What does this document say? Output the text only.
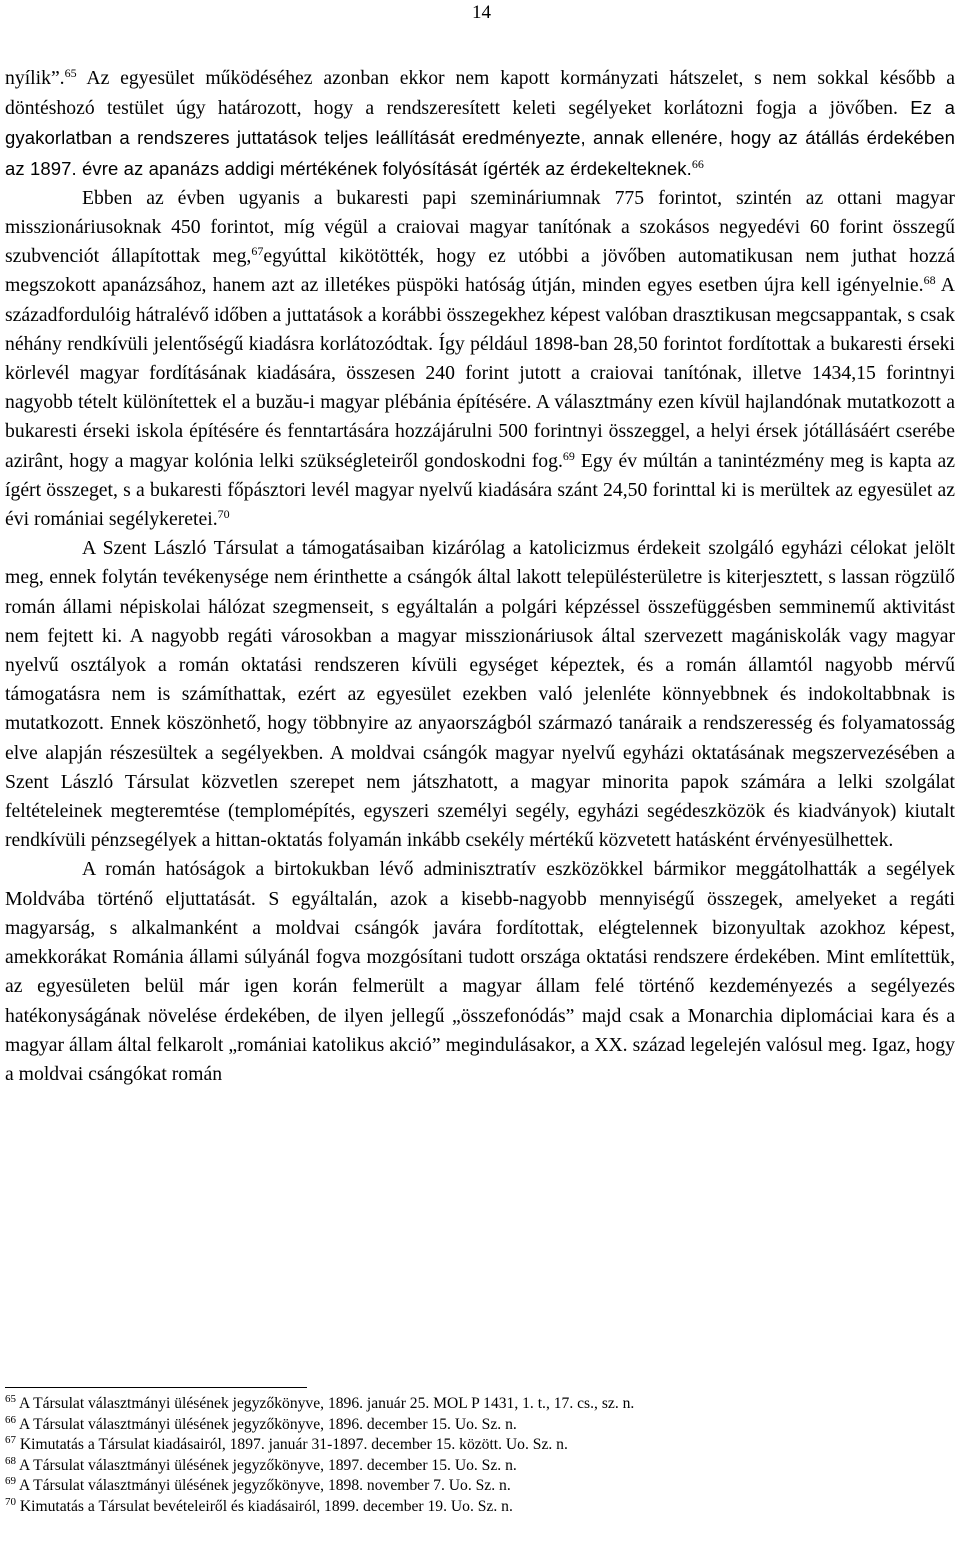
14

nyílik”.$^{65}$ Az egyesület működéséhez azonban ekkor nem kapott kormányzati hátszelet, s nem sokkal később a döntéshozó testület úgy határozott, hogy a rendszeresített keleti segélyeket korlátozni fogja a jövőben. Ez a gyakorlatban a rendszeres juttatások teljes leállítását eredményezte, annak ellenére, hogy az átállás érdekében az 1897. évre az apanázs addigi mértékének folyósítását ígérték az érdekelteknek.$^{66}$

Ebben az évben ugyanis a bukaresti papi szemináriumnak 775 forintot, szintén az ottani magyar misszionáriusoknak 450 forintot, míg végül a craiovai magyar tanítónak a szokásos negyedévi 60 forint összegű szubvenciót állapítottak meg,$^{67}$egyúttal kikötötték, hogy ez utóbbi a jövőben automatikusan nem juthat hozzá megszokott apanázsához, hanem azt az illetékes püspöki hatóság útján, minden egyes esetben újra kell igényelnie.$^{68}$ A századfordulóig hátralévő időben a juttatások a korábbi összegekhez képest valóban drasztikusan megcsappantak, s csak néhány rendkívüli jelentőségű kiadásra korlátozódtak. Így például 1898-ban 28,50 forintot fordítottak a bukaresti érseki körlevél magyar fordításának kiadására, összesen 240 forint jutott a craiovai tanítónak, illetve 1434,15 forintnyi nagyobb tételt különítettek el a buzău-i magyar plébánia építésére. A választmány ezen kívül hajlandónak mutatkozott a bukaresti érseki iskola építésére és fenntartására hozzájárulni 500 forintnyi összeggel, a helyi érsek jótállásáért cserébe azirânt, hogy a magyar kolónia lelki szükségleteiről gondoskodni fog.$^{69}$ Egy év múltán a tanintézmény meg is kapta az ígért összeget, s a bukaresti főpásztori levél magyar nyelvű kiadására szánt 24,50 forinttal ki is merültek az egyesület az évi romániai segélykeretei.$^{70}$

A Szent László Társulat a támogatásaiban kizárólag a katolicizmus érdekeit szolgáló egyházi célokat jelölt meg, ennek folytán tevékenysége nem érinthette a csángók által lakott településterületre is kiterjesztett, s lassan rögzülő román állami népiskolai hálózat szegmenseit, s egyáltalán a polgári képzéssel összefüggésben semminemű aktivitást nem fejtett ki. A nagyobb regáti városokban a magyar misszionáriusok által szervezett magániskolák vagy magyar nyelvű osztályok a román oktatási rendszeren kívüli egységet képeztek, és a román államtól nagyobb mérvű támogatásra nem is számíthattak, ezért az egyesület ezekben való jelenléte könnyebbnek és indokoltabbnak is mutatkozott. Ennek köszönhető, hogy többnyire az anyaországból származó tanáraik a rendszeresség és folyamatosság elve alapján részesültek a segélyekben. A moldvai csángók magyar nyelvű egyházi oktatásának megszervezésében a Szent László Társulat közvetlen szerepet nem játszhatott, a magyar minorita papok számára a lelki szolgálat feltételeinek megteremtése (templomépítés, egyszeri személyi segély, egyházi segédeszközök és kiadványok) kiutalt rendkívüli pénzsegélyek a hittan-oktatás folyamán inkább csekély mértékű közvetett hatásként érvényesülhettek.

A román hatóságok a birtokukban lévő adminisztratív eszközökkel bármikor meggátolhatták a segélyek Moldvába történő eljuttatását. S egyáltalán, azok a kisebb-nagyobb mennyiségű összegek, amelyeket a regáti magyarság, s alkalmanként a moldvai csángók javára fordítottak, elégtelennek bizonyultak azokhoz képest, amekkorákat Románia állami súlyánál fogva mozgósítani tudott országa oktatási rendszere érdekében. Mint említettük, az egyesületen belül már igen korán felmerült a magyar állam felé történő kezdeményezés a segélyezés hatékonyságának növelése érdekében, de ilyen jellegű „összefonódás” majd csak a Monarchia diplomáciai kara és a magyar állam által felkarolt „romániai katolikus akció” megindulásakor, a XX. század legelején valósul meg. Igaz, hogy a moldvai csángókat román

$^{65}$ A Társulat választmányi ülésének jegyzőkönyve, 1896. január 25. MOL P 1431, 1. t., 17. cs., sz. n.
$^{66}$ A Társulat választmányi ülésének jegyzőkönyve, 1896. december 15. Uo. Sz. n.
$^{67}$ Kimutatás a Társulat kiadásairól, 1897. január 31-1897. december 15. között. Uo. Sz. n.
$^{68}$ A Társulat választmányi ülésének jegyzőkönyve, 1897. december 15. Uo. Sz. n.
$^{69}$ A Társulat választmányi ülésének jegyzőkönyve, 1898. november 7. Uo. Sz. n.
$^{70}$ Kimutatás a Társulat bevételeiről és kiadásairól, 1899. december 19. Uo. Sz. n.
